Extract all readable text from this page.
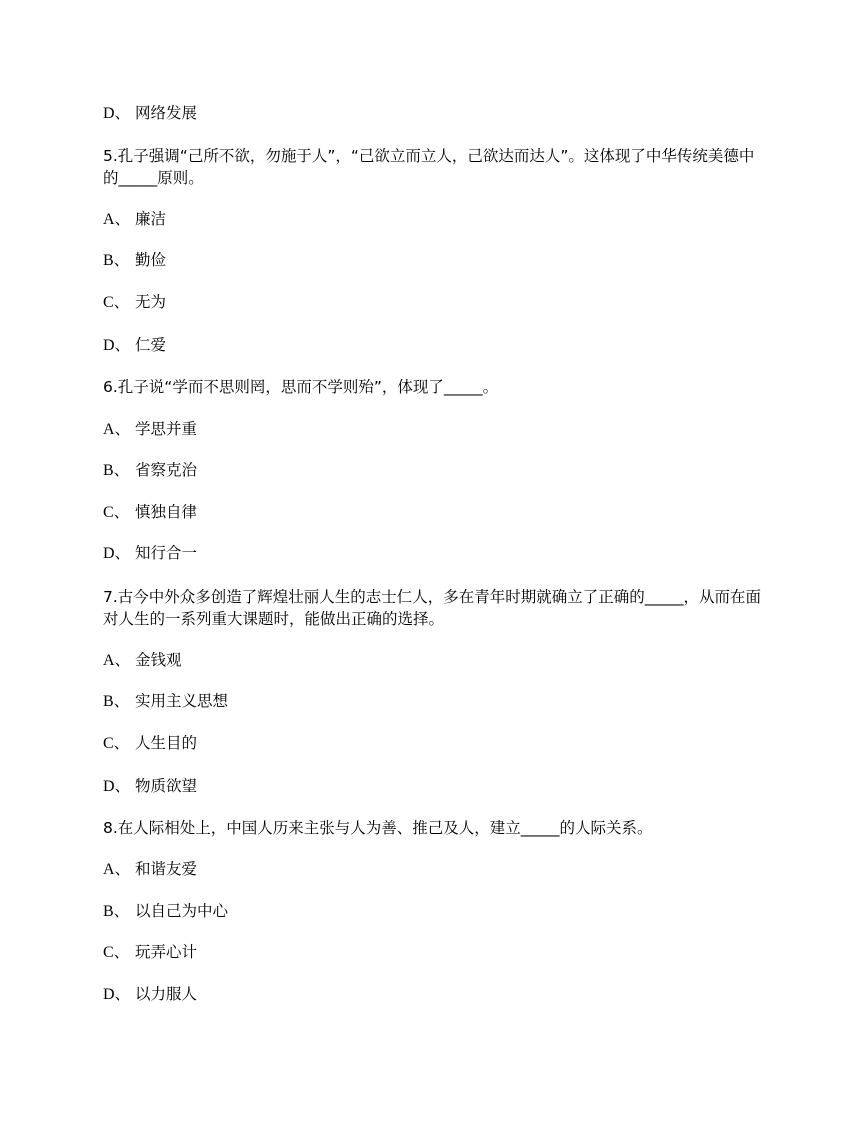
D、 网络发展
5.孔子强调“己所不欲，勿施于人”，“己欲立而立人，己欲达而达人”。这体现了中华传统美德中的_____原则。
A、 廉洁
B、 勤俭
C、 无为
D、 仁爱
6.孔子说“学而不思则罔，思而不学则殆”，体现了_____。
A、 学思并重
B、 省察克治
C、 慎独自律
D、 知行合一
7.古今中外众多创造了辉煌壮丽人生的志士仁人，多在青年时期就确立了正确的_____，从而在面对人生的一系列重大课题时，能做出正确的选择。
A、 金钱观
B、 实用主义思想
C、 人生目的
D、 物质欲望
8.在人际相处上，中国人历来主张与人为善、推己及人，建立_____的人际关系。
A、 和谐友爱
B、 以自己为中心
C、 玩弄心计
D、 以力服人
